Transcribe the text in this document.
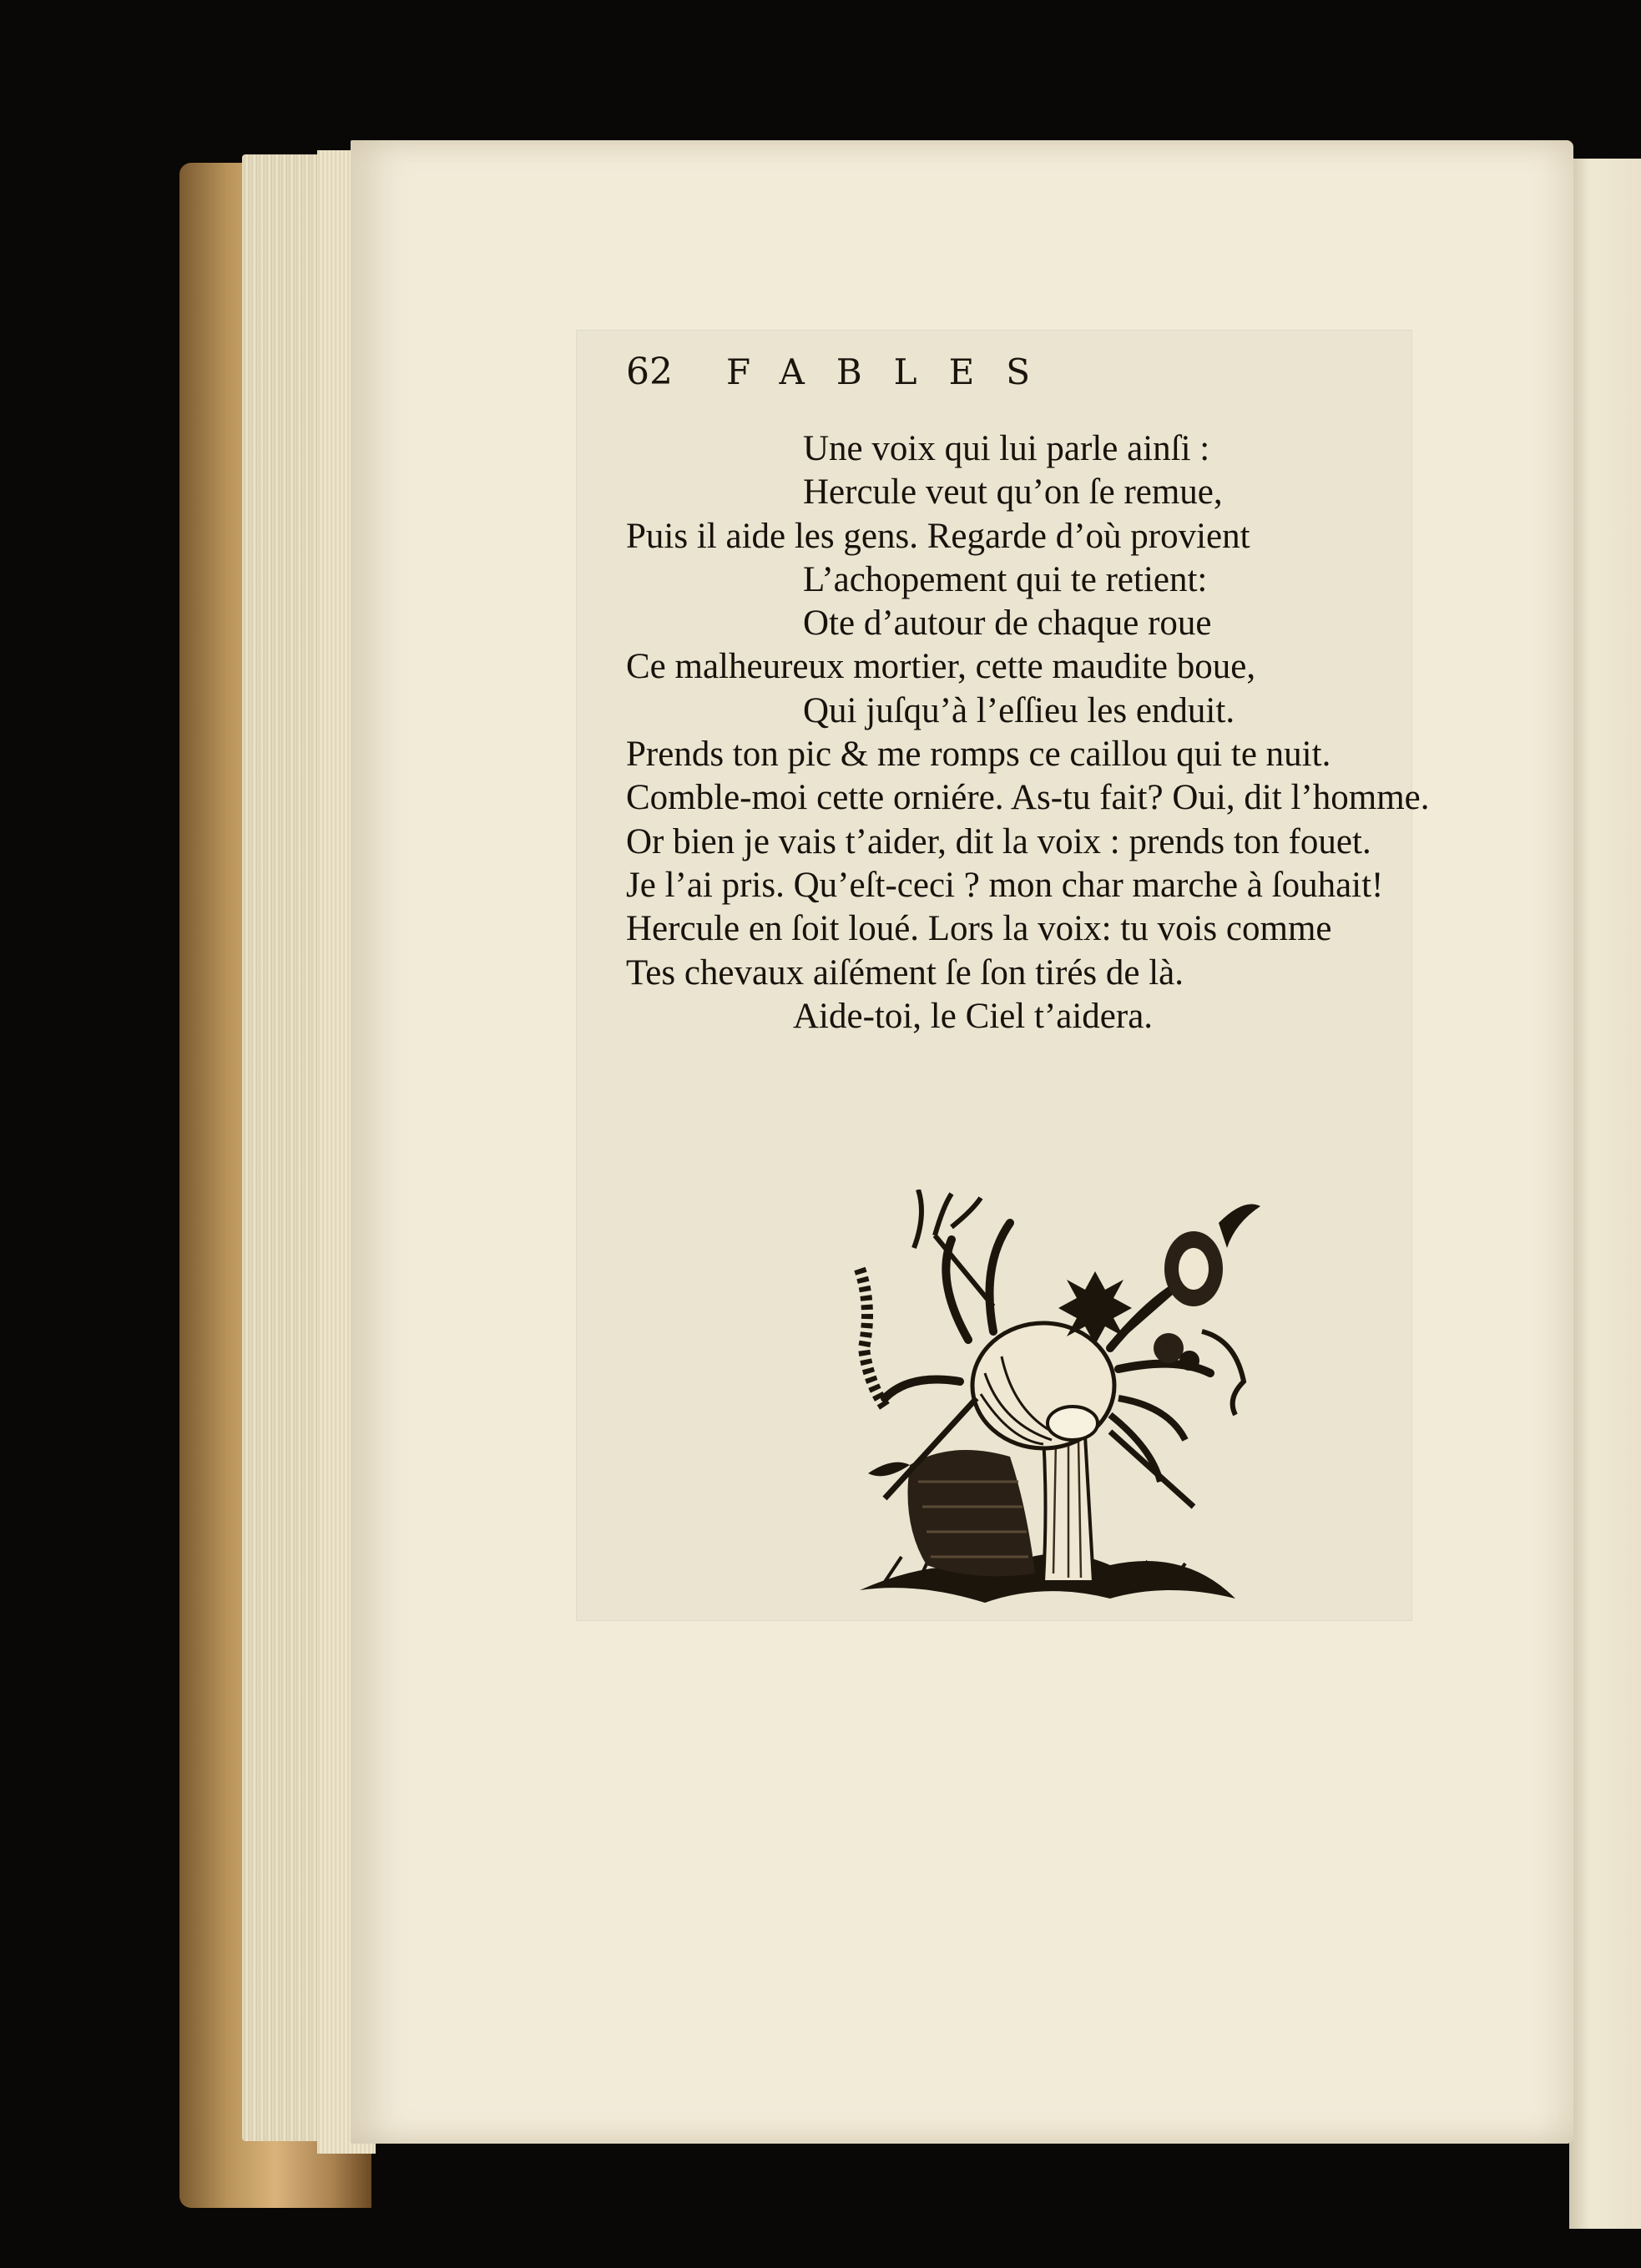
62	FABLES
Une voix qui lui parle ainſi :
Hercule veut qu’on ſe remue,
Puis il aide les gens. Regarde d’où provient
L’achopement qui te retient:
Ote d’autour de chaque roue
Ce malheureux mortier, cette maudite boue,
Qui juſqu’à l’eſſieu les enduit.
Prends ton pic & me romps ce caillou qui te nuit.
Comble-moi cette orniére. As-tu fait? Oui, dit l’homme.
Or bien je vais t’aider, dit la voix : prends ton fouet.
Je l’ai pris. Qu’eſt-ceci ? mon char marche à ſouhait!
Hercule en ſoit loué. Lors la voix: tu vois comme
Tes chevaux aiſément ſe ſon tirés de là.
Aide-toi, le Ciel t’aidera.
